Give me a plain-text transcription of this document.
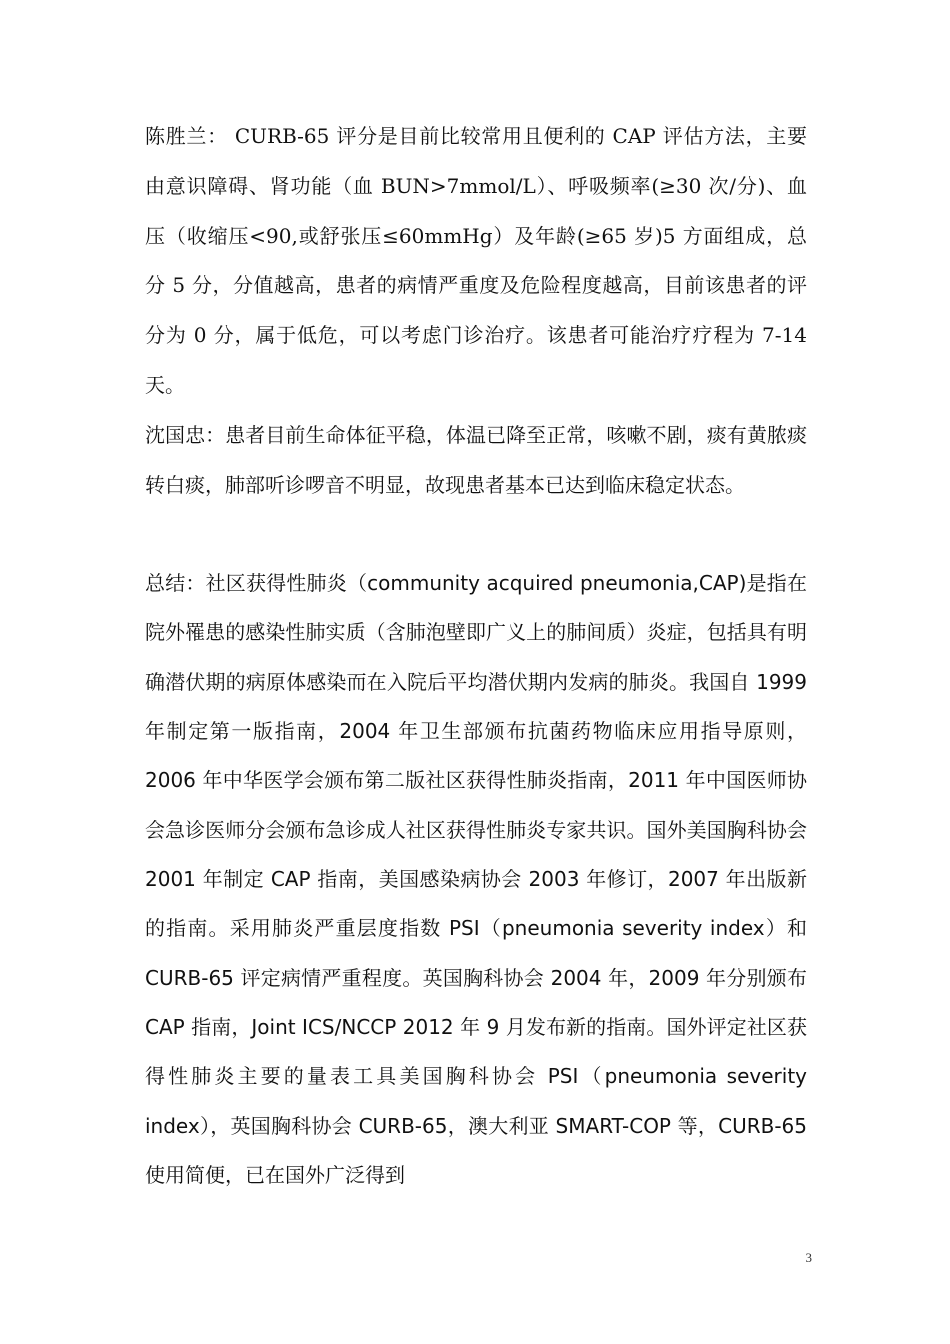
陈胜兰： CURB-65 评分是目前比较常用且便利的 CAP 评估方法，主要由意识障碍、肾功能（血 BUN>7mmol/L）、呼吸频率(≥30 次/分)、血压（收缩压<90,或舒张压≤60mmHg）及年龄(≥65 岁)5 方面组成，总分 5 分，分值越高，患者的病情严重度及危险程度越高，目前该患者的评分为 0 分，属于低危，可以考虑门诊治疗。该患者可能治疗疗程为 7-14 天。

沈国忠：患者目前生命体征平稳，体温已降至正常，咳嗽不剧，痰有黄脓痰转白痰，肺部听诊啰音不明显，故现患者基本已达到临床稳定状态。

总结：社区获得性肺炎（community acquired pneumonia,CAP)是指在院外罹患的感染性肺实质（含肺泡壁即广义上的肺间质）炎症，包括具有明确潜伏期的病原体感染而在入院后平均潜伏期内发病的肺炎。我国自 1999 年制定第一版指南，2004 年卫生部颁布抗菌药物临床应用指导原则，2006 年中华医学会颁布第二版社区获得性肺炎指南，2011 年中国医师协会急诊医师分会颁布急诊成人社区获得性肺炎专家共识。国外美国胸科协会 2001 年制定 CAP 指南，美国感染病协会 2003 年修订，2007 年出版新的指南。采用肺炎严重层度指数 PSI（pneumonia severity index）和 CURB-65 评定病情严重程度。英国胸科协会 2004 年，2009 年分别颁布 CAP 指南，Joint ICS/NCCP 2012 年 9 月发布新的指南。国外评定社区获得性肺炎主要的量表工具美国胸科协会 PSI（pneumonia severity index），英国胸科协会 CURB-65，澳大利亚 SMART-COP 等，CURB-65 使用简便，已在国外广泛得到

3
